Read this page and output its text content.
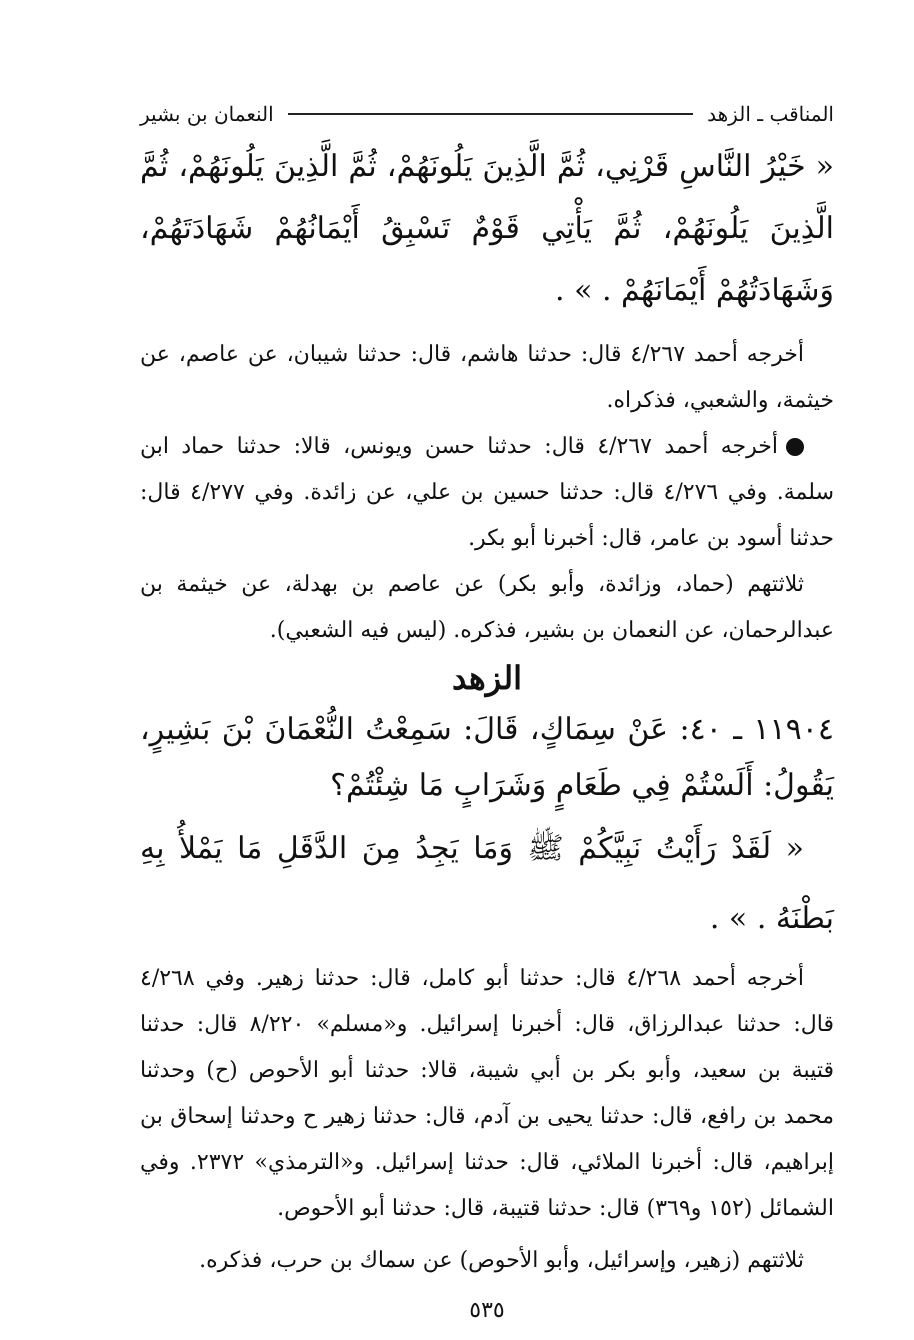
المناقب ـ الزهد
النعمان بن بشير

« خَيْرُ النَّاسِ قَرْنِي، ثُمَّ الَّذِينَ يَلُونَهُمْ، ثُمَّ الَّذِينَ يَلُونَهُمْ، ثُمَّ الَّذِينَ يَلُونَهُمْ، ثُمَّ يَأْتِي قَوْمٌ تَسْبِقُ أَيْمَانُهُمْ شَهَادَتَهُمْ، وَشَهَادَتُهُمْ أَيْمَانَهُمْ . » .

أخرجه أحمد ٤/٢٦٧ قال: حدثنا هاشم، قال: حدثنا شيبان، عن عاصم، عن خيثمة، والشعبي، فذكراه.

أخرجه أحمد ٤/٢٦٧ قال: حدثنا حسن ويونس، قالا: حدثنا حماد ابن سلمة. وفي ٤/٢٧٦ قال: حدثنا حسين بن علي، عن زائدة. وفي ٤/٢٧٧ قال: حدثنا أسود بن عامر، قال: أخبرنا أبو بكر.

ثلاثتهم (حماد، وزائدة، وأبو بكر) عن عاصم بن بهدلة، عن خيثمة بن عبدالرحمان، عن النعمان بن بشير، فذكره. (ليس فيه الشعبي).

الزهد

١١٩٠٤ ـ ٤٠: عَنْ سِمَاكٍ، قَالَ: سَمِعْتُ النُّعْمَانَ بْنَ بَشِيرٍ، يَقُولُ: أَلَسْتُمْ فِي طَعَامٍ وَشَرَابٍ مَا شِئْتُمْ؟

« لَقَدْ رَأَيْتُ نَبِيَّكُمْ ﷺ وَمَا يَجِدُ مِنَ الدَّقَلِ مَا يَمْلأُ بِهِ بَطْنَهُ . » .

أخرجه أحمد ٤/٢٦٨ قال: حدثنا أبو كامل، قال: حدثنا زهير. وفي ٤/٢٦٨ قال: حدثنا عبدالرزاق، قال: أخبرنا إسرائيل. و«مسلم» ٨/٢٢٠ قال: حدثنا قتيبة بن سعيد، وأبو بكر بن أبي شيبة، قالا: حدثنا أبو الأحوص (ح) وحدثنا محمد بن رافع، قال: حدثنا يحيى بن آدم، قال: حدثنا زهير ح وحدثنا إسحاق بن إبراهيم، قال: أخبرنا الملائي، قال: حدثنا إسرائيل. و«الترمذي» ٢٣٧٢. وفي الشمائل (١٥٢ و٣٦٩) قال: حدثنا قتيبة، قال: حدثنا أبو الأحوص.

ثلاثتهم (زهير، وإسرائيل، وأبو الأحوص) عن سماك بن حرب، فذكره.

٥٣٥
